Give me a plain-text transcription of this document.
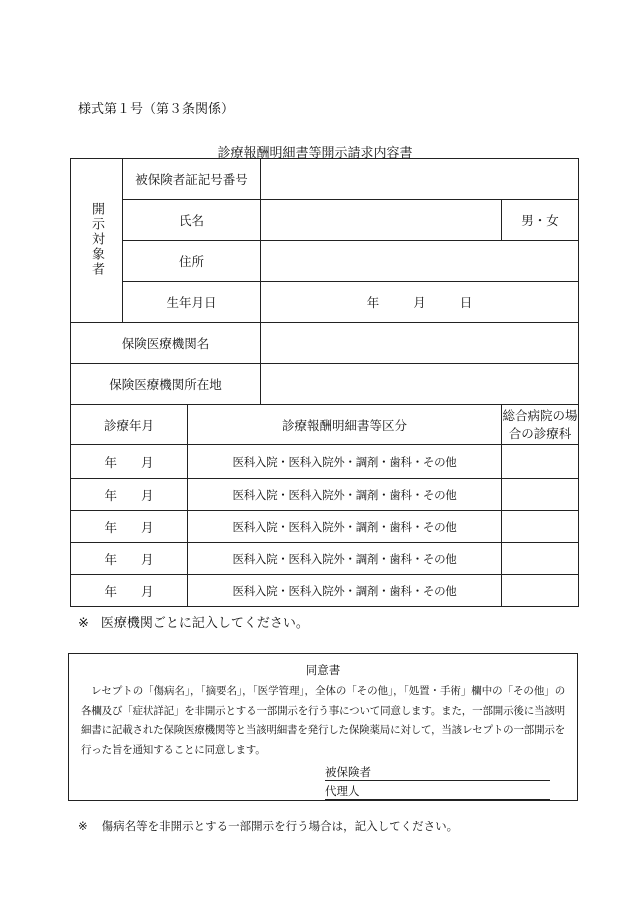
様式第１号（第３条関係）
診療報酬明細書等開示請求内容書
開示対象者	被保険者証記号番号			
	氏名			男・女
	住所			
	生年月日		年 月 日	
保険医療機関名				
保険医療機関所在地				
診療年月		診療報酬明細書等区分		総合病院の場合の診療科
年 月		医科入院・医科入院外・調剤・歯科・その他		
年 月		医科入院・医科入院外・調剤・歯科・その他		
年 月		医科入院・医科入院外・調剤・歯科・その他		
年 月		医科入院・医科入院外・調剤・歯科・その他		
年 月		医科入院・医科入院外・調剤・歯科・その他		
※ 医療機関ごとに記入してください。
同意書
レセプトの「傷病名」，「摘要名」，「医学管理」，全体の「その他」，「処置・手術」欄中の「その他」の各欄及び「症状詳記」を非開示とする一部開示を行う事について同意します。また，一部開示後に当該明細書に記載された保険医療機関等と当該明細書を発行した保険薬局に対して，当該レセプトの一部開示を行った旨を通知することに同意します。
被保険者
代理人
※ 傷病名等を非開示とする一部開示を行う場合は，記入してください。
